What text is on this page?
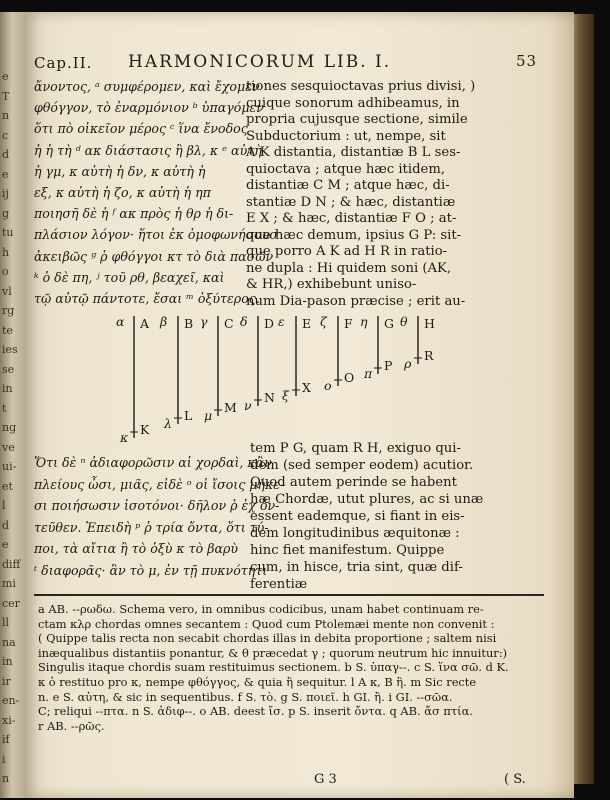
e
T
n
c
d
e
ij
g
tu
h
o
vl
rg
te
ies
se
in
t
ng
ve
ui-
et
l
d
e
diff
mi
cer
ll
na
in
ir
en-
xi-
if
i
n
Cap.II. HARMONICORUM LIB. I.	53
ἄνοντος, ᵃ συμφέρομεν, καὶ ἔχομεν
φθόγγον, τὸ ἐναρμόνιον ᵇ ὑπαγόμεν
ὅτι πὸ οἰκεῖον μέρος ᶜ ἵνα ἔνοδος
ἡ ἡ τὴ ᵈ ακ διάστασις ἢ βλ, κ ᵉ αὐτὴ
ἡ γμ, κ αὐτὴ ἡ δν, κ αὐτὴ ἡ
εξ, κ αὐτὴ ἡ ζο, κ αὐτὴ ἡ ηπ
ποιησῆ δὲ ἡ ᶠ ακ πρὸς ἡ θρ ἡ δι-
πλάσιον λόγον· ἥτοι ἐκ ὁμοφωνήσουσ
ἀκειβῶς ᵍ ῥ φθόγγοι κτ τὸ διὰ πασῶν
ᵏ ὁ δὲ πη, ʲ τοῦ ρθ, βεαχεῖ, καὶ
τῷ αὐτῷ πάντοτε, ἔσαι ᵐ ὀξύτερος.
tiones sesquioctavas prius divisi, )
cuique sonorum adhibeamus, in
propria cujusque sectione, simile
Subductorium : ut, nempe, sit
A K distantia, distantiæ B L ses-
quioctava ; atque hæc itidem,
distantiæ C M ; atque hæc, di-
stantiæ D N ; & hæc, distantiæ
E X ; & hæc, distantiæ F O ; at-
que hæc demum, ipsius G P: sit-
que porro A K ad H R in ratio-
ne dupla : Hi quidem soni (AK,
& HR,) exhibebunt uniso-
num Dia-pason præcise ; erit au-
A
α
K
κ
B
β
L
λ
C
γ
M
μ
D
δ
N
ν
E
ε
X
ξ
F
ζ
O
ο
G
η
P
π
H
θ
R
ρ
Ὅτι δὲ ⁿ ἀδιαφορῶσιν αἱ χορδαὶ, κἂν
πλείους ὦσι, μιᾶς, εἰδὲ ᵒ οἱ ἴσοις μήκε-
σι ποιήσωσιν ἰσοτόνοι· δῆλον ῥ ἐχ ὄν-
τεῦθεν. Ἐπειδὴ ᵖ ῥ τρία ὄντα, ὅτι τύ-
ποι, τὰ αἴτια ἢ τὸ ὀξὺ κ τὸ βαρὺ
ᵗ διαφορᾶς· ἂν τὸ μ, ἐν τῇ πυκνότητι
tem P G, quam R H, exiguo qui-
dem (sed semper eodem) acutior.
Quod autem perinde se habent
hæ Chordæ, utut plures, ac si unæ
essent eademque, si fiant in eis-
dem longitudinibus æquitonæ :
hinc fiet manifestum. Quippe
cum, in hisce, tria sint, quæ dif-
ferentiæ
a AB. --ρωδω. Schema vero, in omnibus codicibus, unam habet continuam re-
ctam κλρ chordas omnes secantem : Quod cum Ptolemæi mente non convenit :
( Quippe talis recta non secabit chordas illas in debita proportione ; saltem nisi
inæqualibus distantiis ponantur, & θ præcedat γ ; quorum neutrum hic innuitur:)
Singulis itaque chordis suam restituimus sectionem. b S. ὑπαγ--. c S. ἵνα σῶ. d K.
κ ὁ restituo pro κ, nempe φθόγγος, & quia ἢ sequitur. l A κ, B ἢ. m Sic recte
n. e S. αὐτη, & sic in sequentibus. f S. τὸ. g S. ποιεῖ. h GI. ἢ. i GI. --σῶα.
C; reliqui --πτα. n S. ἀδιφ--. o AB. deest ἴσ. p S. inserit ὄντα. q AB. ἄσ πτία.
r AB. --ρῶς.
G 3	( S.
